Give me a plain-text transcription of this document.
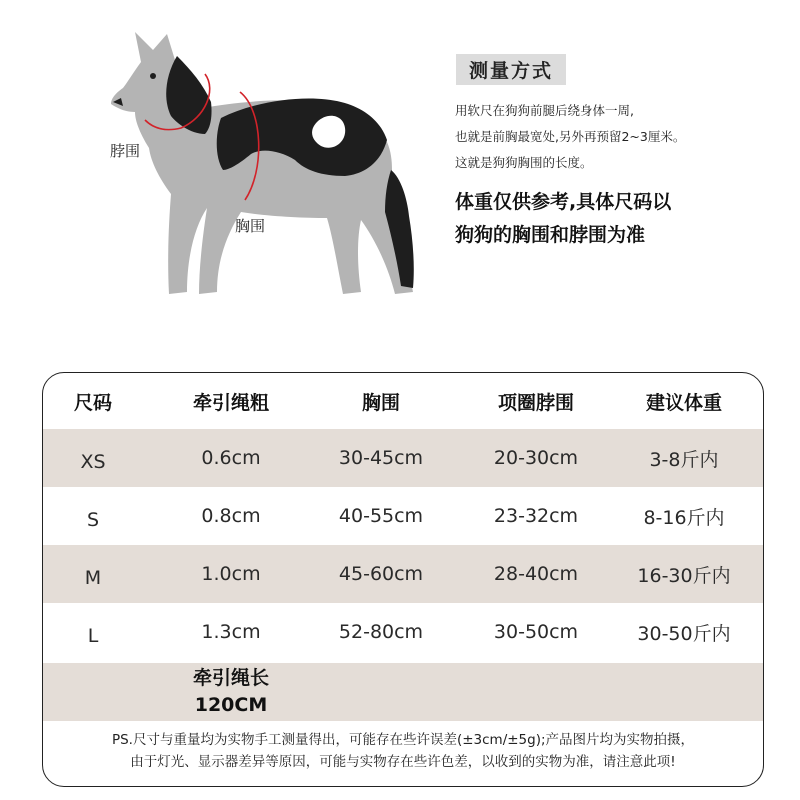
脖围
胸围
测量方式
用软尺在狗狗前腿后绕身体一周,
也就是前胸最宽处,另外再预留2~3厘米。
这就是狗狗胸围的长度。
体重仅供参考,具体尺码以
狗狗的胸围和脖围为准
尺码	牵引绳粗	胸围	项圈脖围	建议体重
XS	0.6cm	30-45cm	20-30cm	3-8斤内
S	0.8cm	40-55cm	23-32cm	8-16斤内
M	1.0cm	45-60cm	28-40cm	16-30斤内
L	1.3cm	52-80cm	30-50cm	30-50斤内
牵引绳长
120CM
PS.尺寸与重量均为实物手工测量得出，可能存在些许误差(±3cm/±5g);产品图片均为实物拍摄，
由于灯光、显示器差异等原因，可能与实物存在些许色差，以收到的实物为准，请注意此项!
